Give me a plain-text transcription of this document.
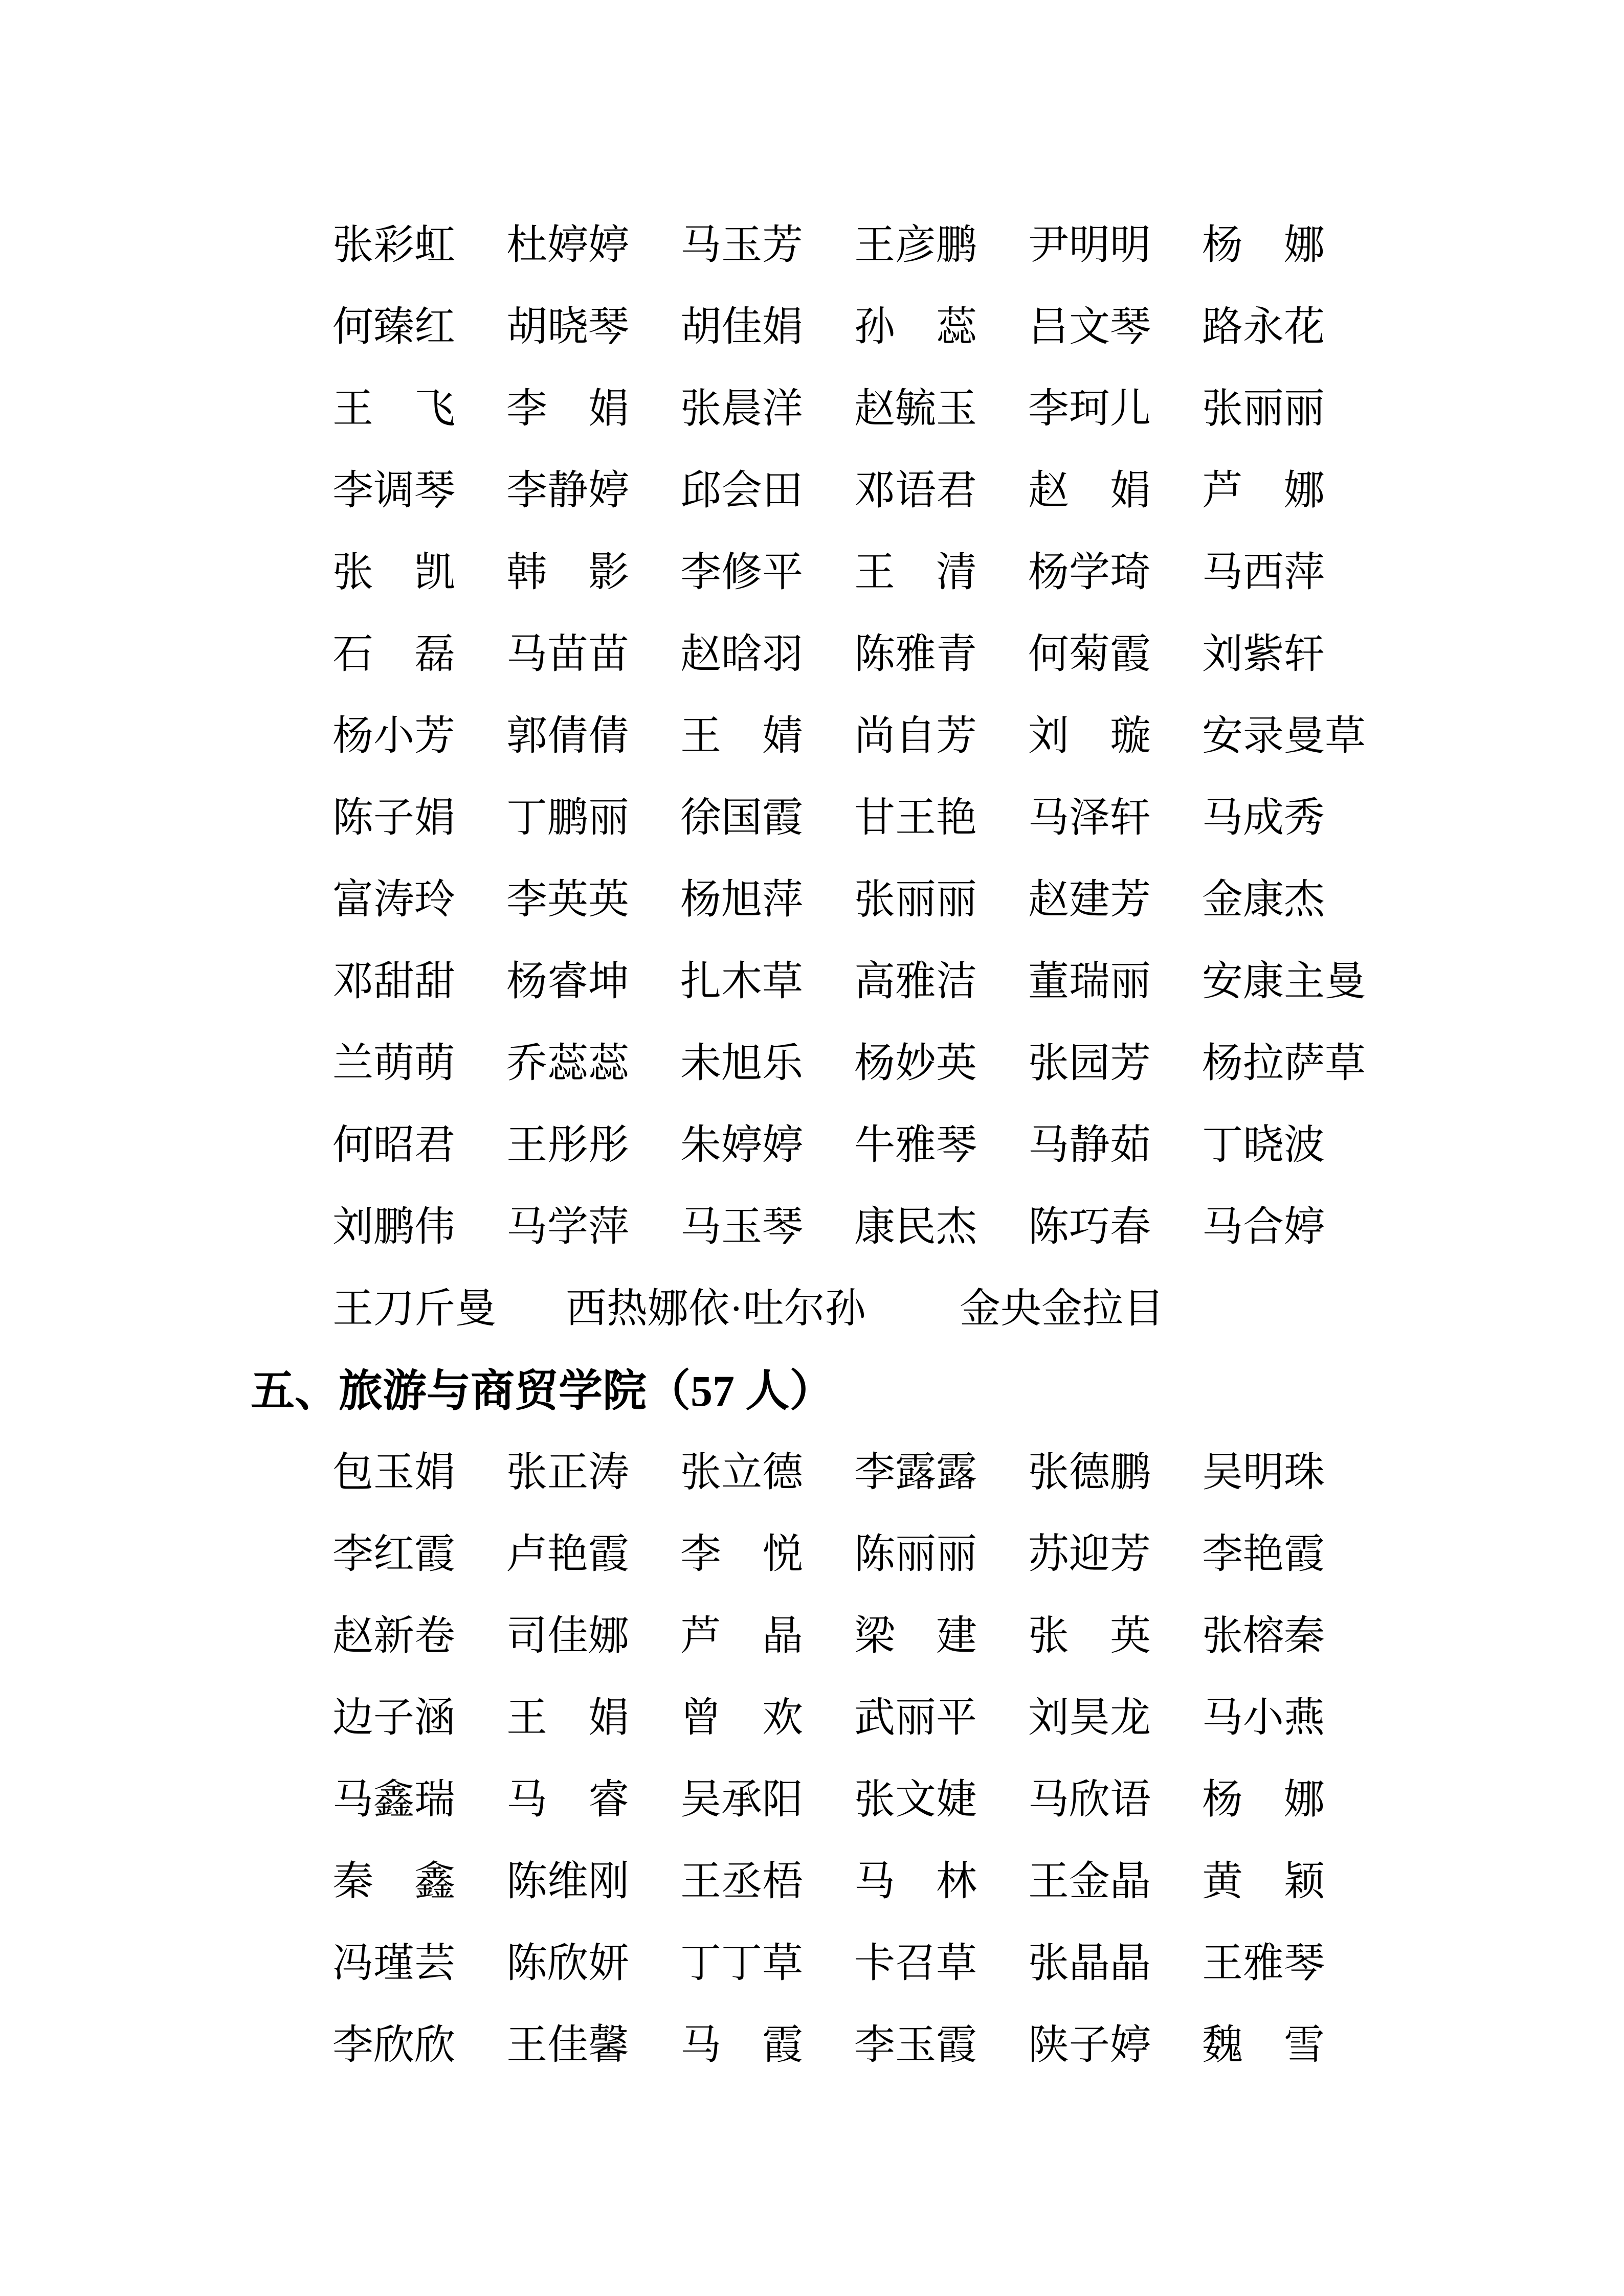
张彩虹 杜婷婷 马玉芳 王彦鹏 尹明明 杨　娜
何臻红 胡晓琴 胡佳娟 孙　蕊 吕文琴 路永花
王　飞 李　娟 张晨洋 赵毓玉 李珂儿 张丽丽
李调琴 李静婷 邱会田 邓语君 赵　娟 芦　娜
张　凯 韩　影 李修平 王　清 杨学琦 马西萍
石　磊 马苗苗 赵晗羽 陈雅青 何菊霞 刘紫轩
杨小芳 郭倩倩 王　婧 尚自芳 刘　璇 安录曼草
陈子娟 丁鹏丽 徐国霞 甘王艳 马泽轩 马成秀
富涛玲 李英英 杨旭萍 张丽丽 赵建芳 金康杰
邓甜甜 杨睿坤 扎木草 高雅洁 董瑞丽 安康主曼
兰萌萌 乔蕊蕊 未旭乐 杨妙英 张园芳 杨拉萨草
何昭君 王彤彤 朱婷婷 牛雅琴 马静茹 丁晓波
刘鹏伟 马学萍 马玉琴 康民杰 陈巧春 马合婷
王刀斤曼 西热娜依·吐尔孙 金央金拉目
五、旅游与商贸学院（57 人）
包玉娟 张正涛 张立德 李露露 张德鹏 吴明珠
李红霞 卢艳霞 李　悦 陈丽丽 苏迎芳 李艳霞
赵新卷 司佳娜 芦　晶 梁　建 张　英 张榕秦
边子涵 王　娟 曾　欢 武丽平 刘昊龙 马小燕
马鑫瑞 马　睿 吴承阳 张文婕 马欣语 杨　娜
秦　鑫 陈维刚 王丞梧 马　林 王金晶 黄　颖
冯瑾芸 陈欣妍 丁丁草 卡召草 张晶晶 王雅琴
李欣欣 王佳馨 马　霞 李玉霞 陕子婷 魏　雪
